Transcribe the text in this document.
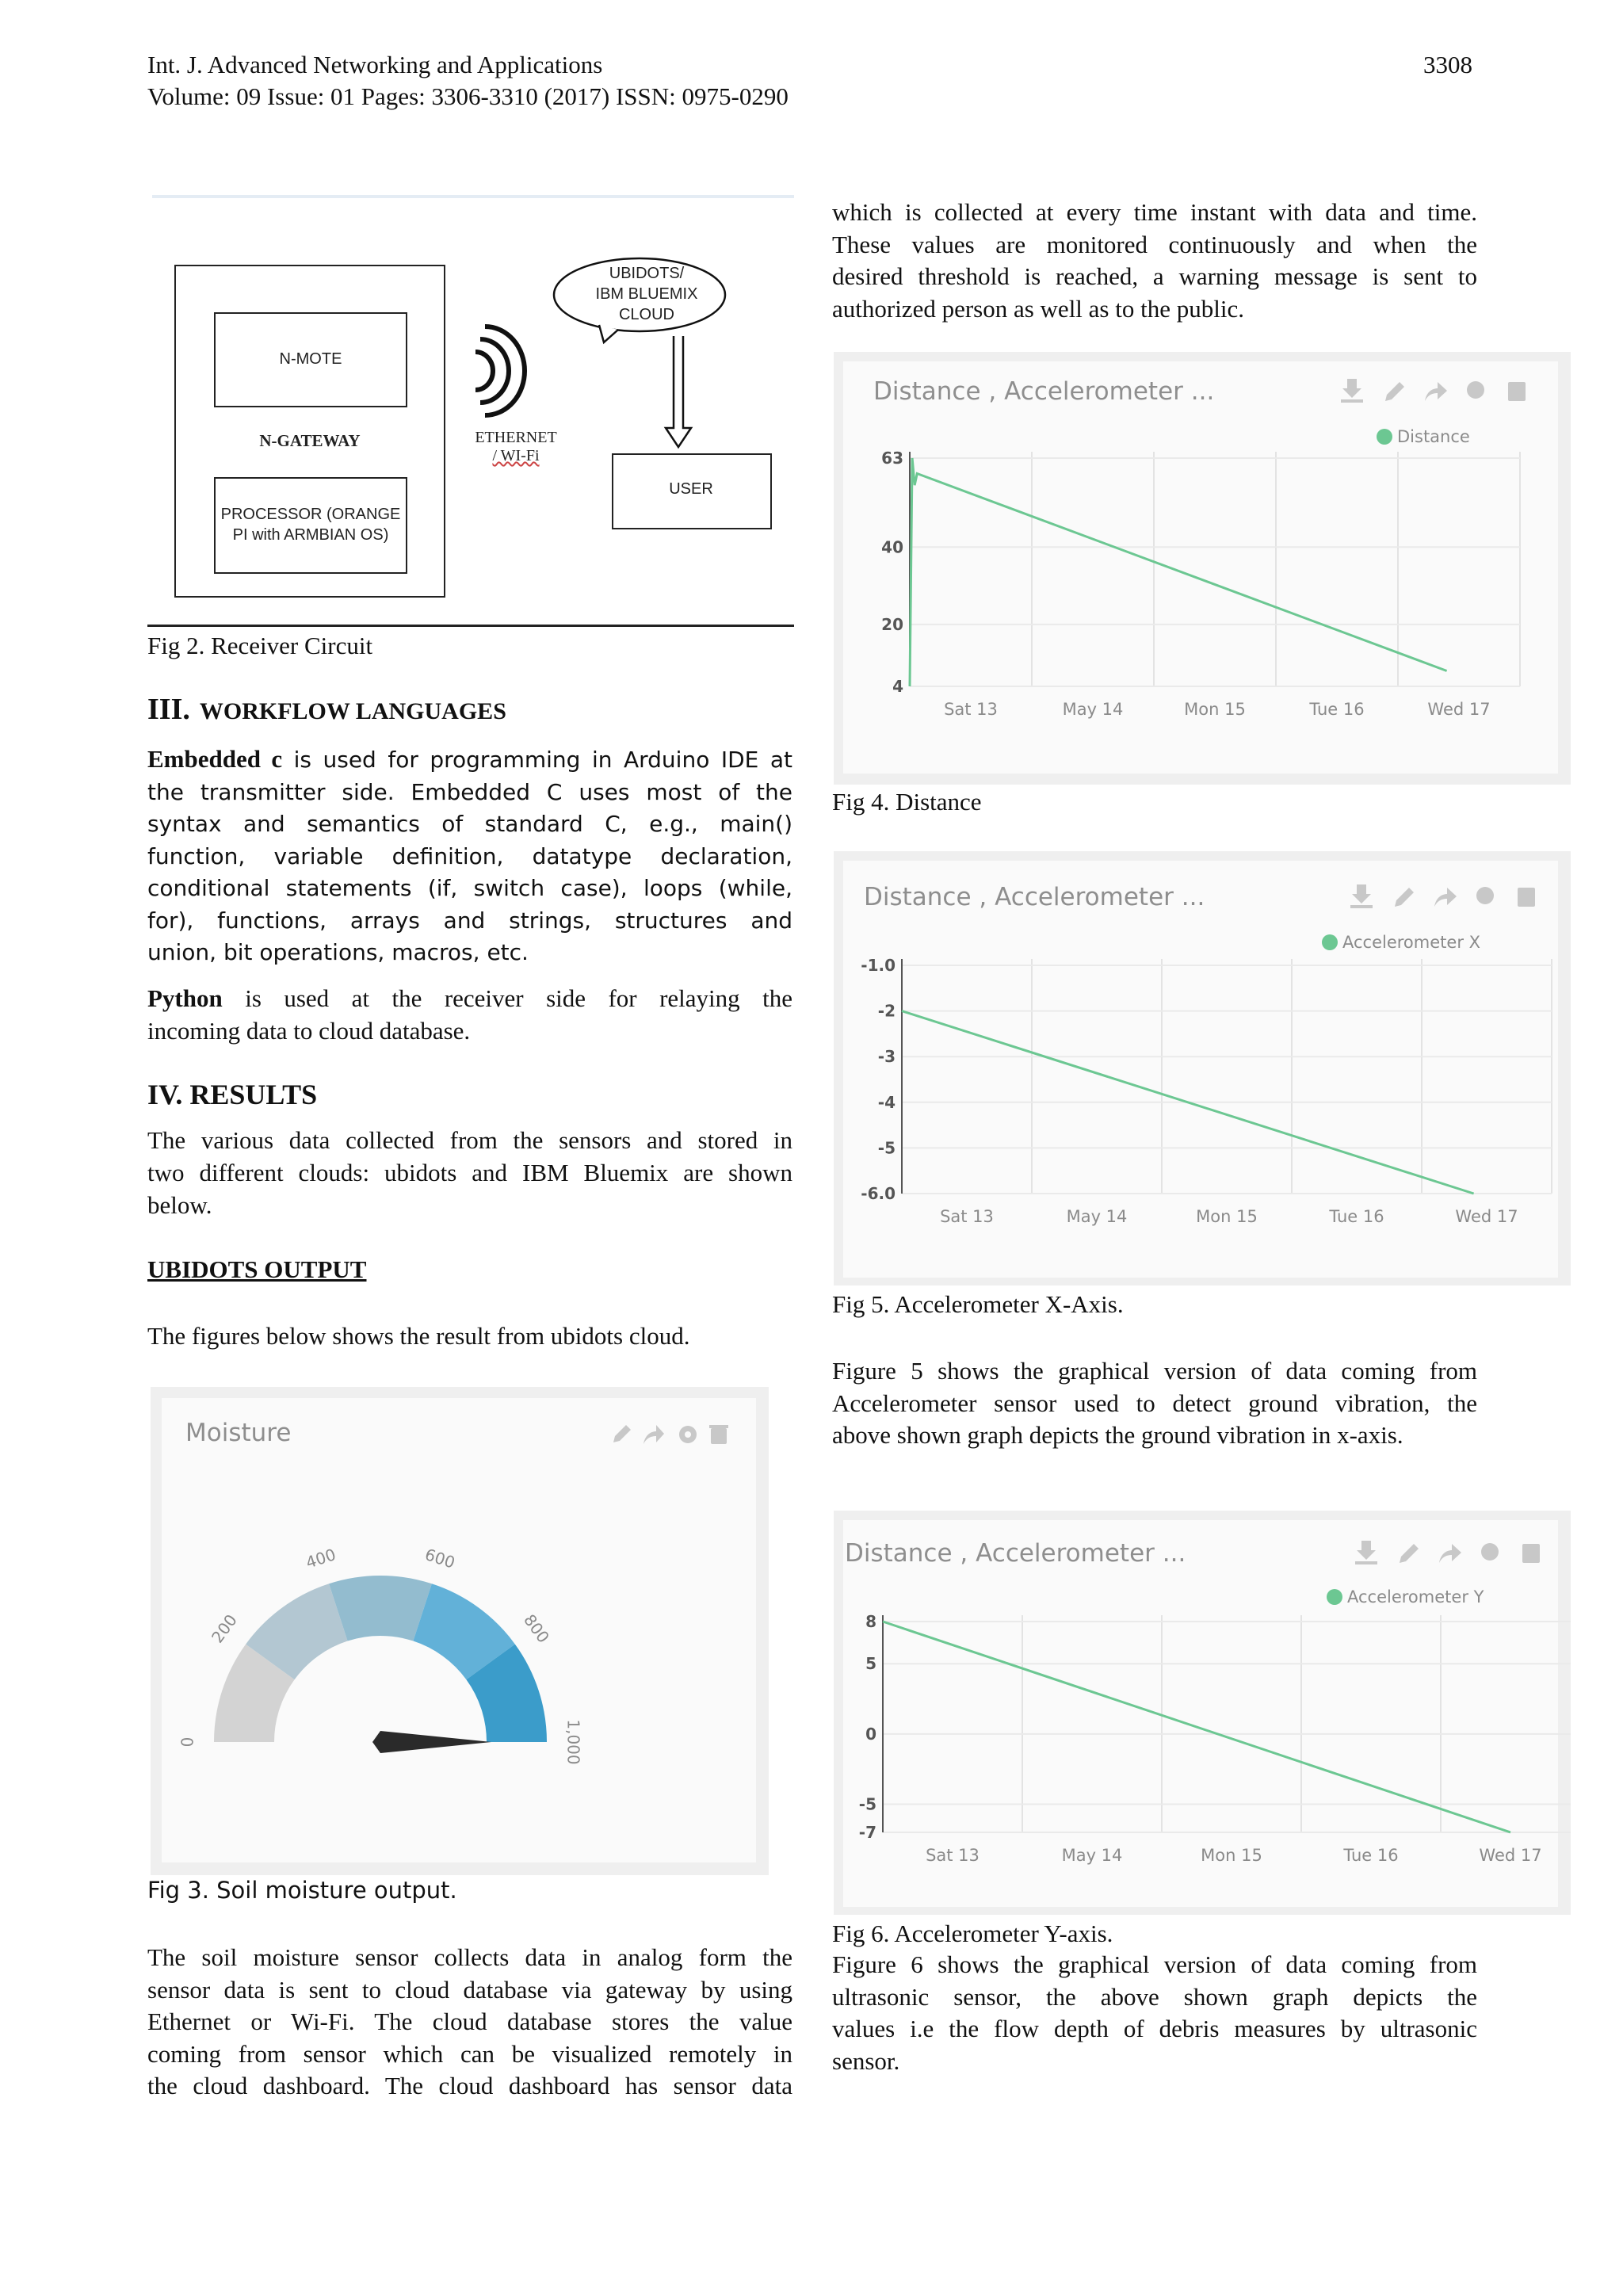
Int. J. Advanced Networking and Applications
Volume: 09 Issue: 01 Pages: 3306-3310 (2017) ISSN: 0975-0290
3308
N-MOTE
N-GATEWAY
PROCESSOR (ORANGE
PI with ARMBIAN OS)
ETHERNET
/ WI-Fi
UBIDOTS/
IBM BLUEMIX
CLOUD
USER
Fig 2. Receiver Circuit
III. WORKFLOW LANGUAGES
Embedded c is used for programming in Arduino IDE at
the transmitter side. Embedded C uses most of the
syntax and semantics of standard C, e.g., main()
function, variable definition, datatype declaration,
conditional statements (if, switch case), loops (while,
for), functions, arrays and strings, structures and
union, bit operations, macros, etc.
Python is used at the receiver side for relaying the
incoming data to cloud database.
IV. RESULTS
The various data collected from the sensors and stored in
two different clouds: ubidots and IBM Bluemix are shown
below.
UBIDOTS OUTPUT
The figures below shows the result from ubidots cloud.
Moisture
0
200
400	600
800
1,000
Fig 3. Soil moisture output.
The soil moisture sensor collects data in analog form the
sensor data is sent to cloud database via gateway by using
Ethernet or Wi-Fi. The cloud database stores the value
coming from sensor which can be visualized remotely in
the cloud dashboard. The cloud dashboard has sensor data
which is collected at every time instant with data and time.
These values are monitored continuously and when the
desired threshold is reached, a warning message is sent to
authorized person as well as to the public.
Distance , Accelerometer ...
Distance
Sat 13	May 14	Mon 15	Tue 16	Wed 17
63
40
20
4
Fig 4. Distance
Distance , Accelerometer ...
Accelerometer X
Sat 13	May 14	Mon 15	Tue 16	Wed 17
-1.0
-2
-3
-4
-5
-6.0
Fig 5. Accelerometer X-Axis.
Figure 5 shows the graphical version of data coming from
Accelerometer sensor used to detect ground vibration, the
above shown graph depicts the ground vibration in x-axis.
Distance , Accelerometer ...
Accelerometer Y
Sat 13	May 14	Mon 15	Tue 16	Wed 17
8
5
0
-5
-7
Fig 6. Accelerometer Y-axis.
Figure 6 shows the graphical version of data coming from
ultrasonic sensor, the above shown graph depicts the
values i.e the flow depth of debris measures by ultrasonic
sensor.
